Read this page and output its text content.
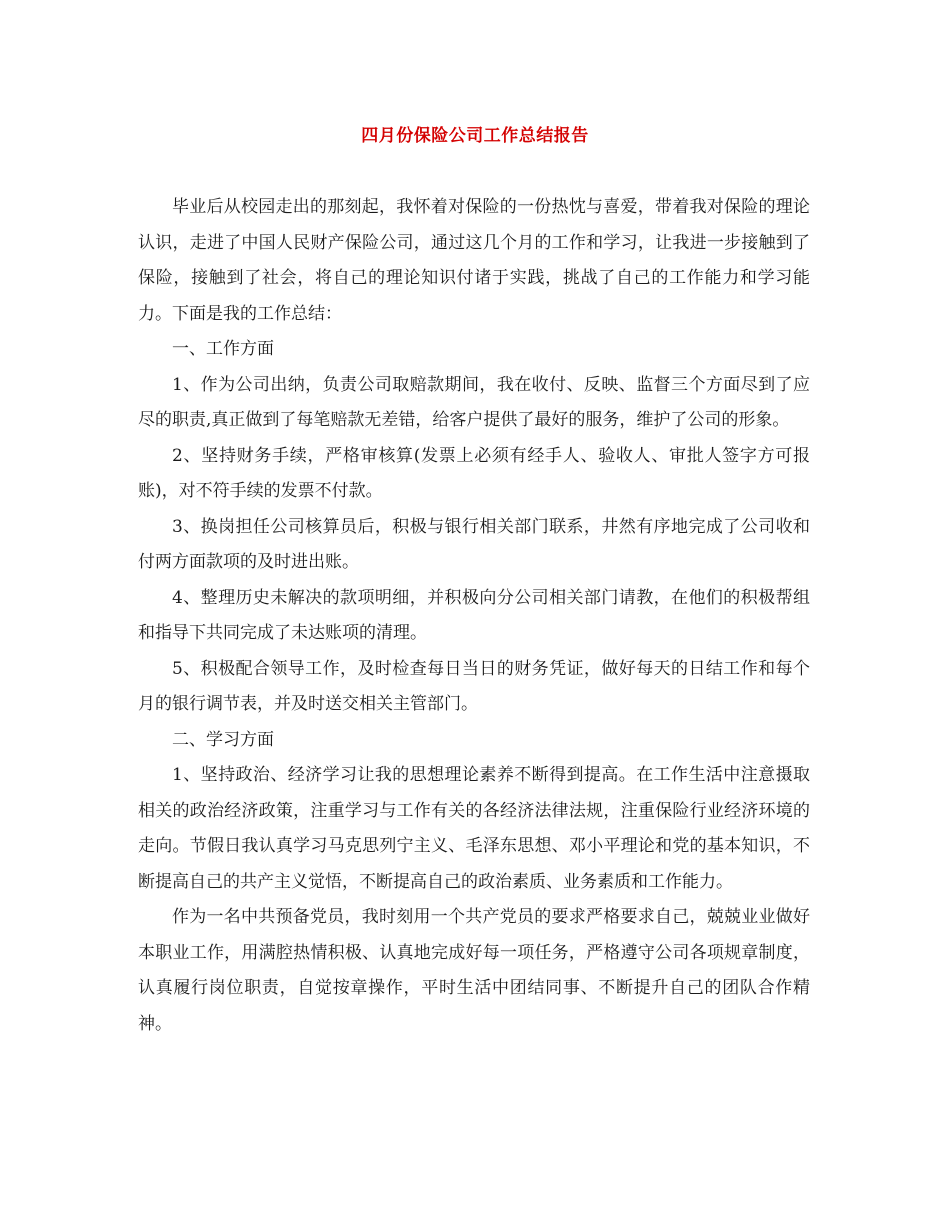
四月份保险公司工作总结报告

毕业后从校园走出的那刻起，我怀着对保险的一份热忱与喜爱，带着我对保险的理论认识，走进了中国人民财产保险公司，通过这几个月的工作和学习，让我进一步接触到了保险，接触到了社会，将自己的理论知识付诸于实践，挑战了自己的工作能力和学习能力。下面是我的工作总结：

一、工作方面

1、作为公司出纳，负责公司取赔款期间，我在收付、反映、监督三个方面尽到了应尽的职责,真正做到了每笔赔款无差错，给客户提供了最好的服务，维护了公司的形象。

2、坚持财务手续，严格审核算(发票上必须有经手人、验收人、审批人签字方可报账)，对不符手续的发票不付款。

3、换岗担任公司核算员后，积极与银行相关部门联系，井然有序地完成了公司收和付两方面款项的及时进出账。

4、整理历史未解决的款项明细，并积极向分公司相关部门请教，在他们的积极帮组和指导下共同完成了未达账项的清理。

5、积极配合领导工作，及时检查每日当日的财务凭证，做好每天的日结工作和每个月的银行调节表，并及时送交相关主管部门。

二、学习方面

1、坚持政治、经济学习让我的思想理论素养不断得到提高。在工作生活中注意摄取相关的政治经济政策，注重学习与工作有关的各经济法律法规，注重保险行业经济环境的走向。节假日我认真学习马克思列宁主义、毛泽东思想、邓小平理论和党的基本知识，不断提高自己的共产主义觉悟，不断提高自己的政治素质、业务素质和工作能力。

作为一名中共预备党员，我时刻用一个共产党员的要求严格要求自己，兢兢业业做好本职业工作，用满腔热情积极、认真地完成好每一项任务，严格遵守公司各项规章制度，认真履行岗位职责，自觉按章操作，平时生活中团结同事、不断提升自己的团队合作精神。
